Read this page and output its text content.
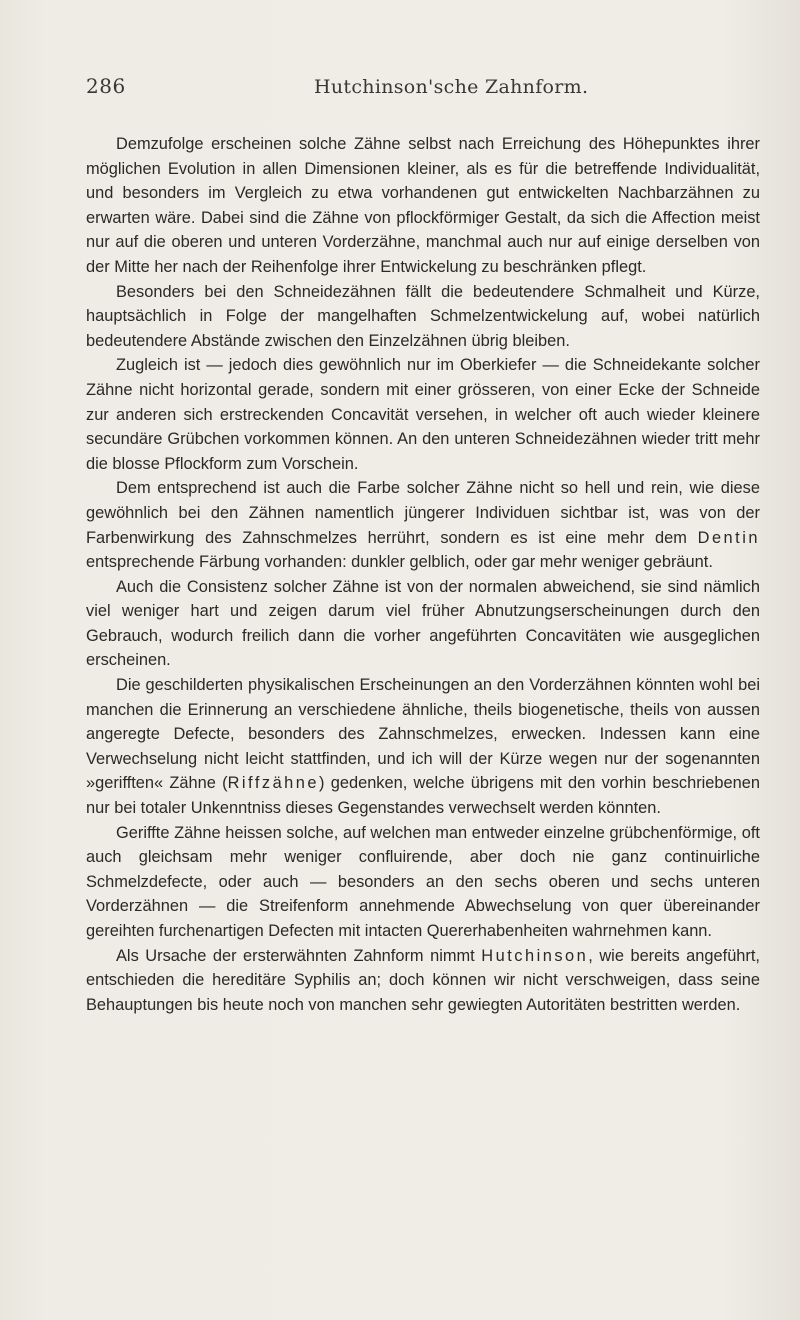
286	Hutchinson'sche Zahnform.

Demzufolge erscheinen solche Zähne selbst nach Erreichung des Höhepunktes ihrer möglichen Evolution in allen Dimensionen kleiner, als es für die betreffende Individualität, und besonders im Vergleich zu etwa vorhandenen gut entwickelten Nachbarzähnen zu erwarten wäre. Dabei sind die Zähne von pflockförmiger Gestalt, da sich die Affection meist nur auf die oberen und unteren Vorderzähne, manchmal auch nur auf einige derselben von der Mitte her nach der Reihenfolge ihrer Entwickelung zu beschränken pflegt.

Besonders bei den Schneidezähnen fällt die bedeutendere Schmalheit und Kürze, hauptsächlich in Folge der mangelhaften Schmelzentwickelung auf, wobei natürlich bedeutendere Abstände zwischen den Einzelzähnen übrig bleiben.

Zugleich ist — jedoch dies gewöhnlich nur im Oberkiefer — die Schneidekante solcher Zähne nicht horizontal gerade, sondern mit einer grösseren, von einer Ecke der Schneide zur anderen sich erstreckenden Concavität versehen, in welcher oft auch wieder kleinere secundäre Grübchen vorkommen können. An den unteren Schneidezähnen wieder tritt mehr die blosse Pflockform zum Vorschein.

Dem entsprechend ist auch die Farbe solcher Zähne nicht so hell und rein, wie diese gewöhnlich bei den Zähnen namentlich jüngerer Individuen sichtbar ist, was von der Farbenwirkung des Zahnschmelzes herrührt, sondern es ist eine mehr dem Dentin entsprechende Färbung vorhanden: dunkler gelblich, oder gar mehr weniger gebräunt.

Auch die Consistenz solcher Zähne ist von der normalen abweichend, sie sind nämlich viel weniger hart und zeigen darum viel früher Abnutzungserscheinungen durch den Gebrauch, wodurch freilich dann die vorher angeführten Concavitäten wie ausgeglichen erscheinen.

Die geschilderten physikalischen Erscheinungen an den Vorderzähnen könnten wohl bei manchen die Erinnerung an verschiedene ähnliche, theils biogenetische, theils von aussen angeregte Defecte, besonders des Zahnschmelzes, erwecken. Indessen kann eine Verwechselung nicht leicht stattfinden, und ich will der Kürze wegen nur der sogenannten »gerifften« Zähne (Riffzähne) gedenken, welche übrigens mit den vorhin beschriebenen nur bei totaler Unkenntniss dieses Gegenstandes verwechselt werden könnten.

Geriffte Zähne heissen solche, auf welchen man entweder einzelne grübchenförmige, oft auch gleichsam mehr weniger confluirende, aber doch nie ganz continuirliche Schmelzdefecte, oder auch — besonders an den sechs oberen und sechs unteren Vorderzähnen — die Streifenform annehmende Abwechselung von quer übereinander gereihten furchenartigen Defecten mit intacten Quererhabenheiten wahrnehmen kann.

Als Ursache der ersterwähnten Zahnform nimmt Hutchinson, wie bereits angeführt, entschieden die hereditäre Syphilis an; doch können wir nicht verschweigen, dass seine Behauptungen bis heute noch von manchen sehr gewiegten Autoritäten bestritten werden.
